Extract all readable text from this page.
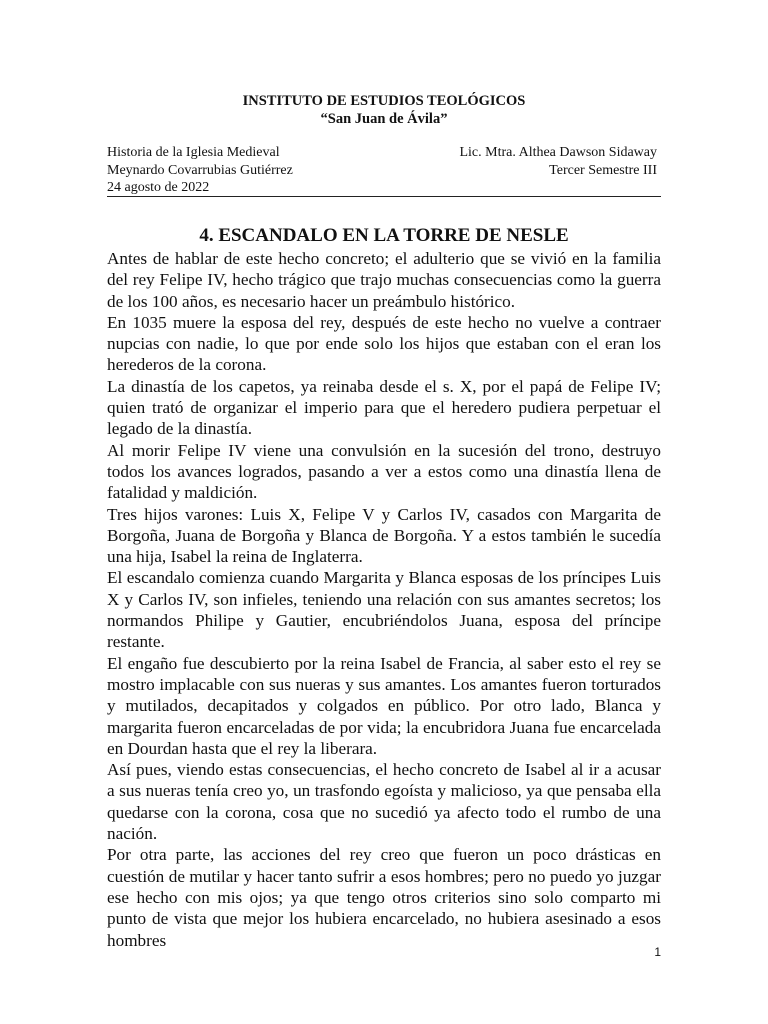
INSTITUTO DE ESTUDIOS TEOLÓGICOS
“San Juan de Ávila”
Historia de la Iglesia Medieval
Meynardo Covarrubias Gutiérrez
24 agosto de 2022
Lic. Mtra. Althea Dawson Sidaway
Tercer Semestre III
4. ESCANDALO EN LA TORRE DE NESLE

Antes de hablar de este hecho concreto; el adulterio que se vivió en la familia del rey Felipe IV, hecho trágico que trajo muchas consecuencias como la guerra de los 100 años, es necesario hacer un preámbulo histórico.

En 1035 muere la esposa del rey, después de este hecho no vuelve a contraer nupcias con nadie, lo que por ende solo los hijos que estaban con el eran los herederos de la corona.

La dinastía de los capetos, ya reinaba desde el s. X, por el papá de Felipe IV; quien trató de organizar el imperio para que el heredero pudiera perpetuar el legado de la dinastía.

Al morir Felipe IV viene una convulsión en la sucesión del trono, destruyo todos los avances logrados, pasando a ver a estos como una dinastía llena de fatalidad y maldición.

Tres hijos varones: Luis X, Felipe V y Carlos IV, casados con Margarita de Borgoña, Juana de Borgoña y Blanca de Borgoña. Y a estos también le sucedía una hija, Isabel la reina de Inglaterra.

El escandalo comienza cuando Margarita y Blanca esposas de los príncipes Luis X y Carlos IV, son infieles, teniendo una relación con sus amantes secretos; los normandos Philipe y Gautier, encubriéndolos Juana, esposa del príncipe restante.

El engaño fue descubierto por la reina Isabel de Francia, al saber esto el rey se mostro implacable con sus nueras y sus amantes. Los amantes fueron torturados y mutilados, decapitados y colgados en público. Por otro lado, Blanca y margarita fueron encarceladas de por vida; la encubridora Juana fue encarcelada en Dourdan hasta que el rey la liberara.

Así pues, viendo estas consecuencias, el hecho concreto de Isabel al ir a acusar a sus nueras tenía creo yo, un trasfondo egoísta y malicioso, ya que pensaba ella quedarse con la corona, cosa que no sucedió ya afecto todo el rumbo de una nación.

Por otra parte, las acciones del rey creo que fueron un poco drásticas en cuestión de mutilar y hacer tanto sufrir a esos hombres; pero no puedo yo juzgar ese hecho con mis ojos; ya que tengo otros criterios sino solo comparto mi punto de vista que mejor los hubiera encarcelado, no hubiera asesinado a esos hombres

1
